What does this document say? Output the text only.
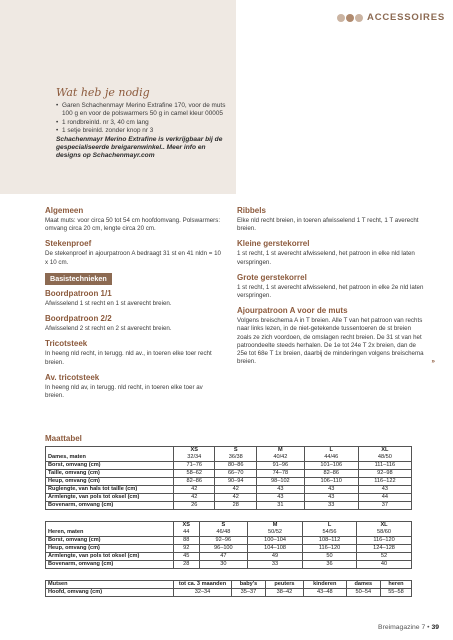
ACCESSOIRES
Wat heb je nodig
• Garen Schachenmayr Merino Extrafine 170, voor de muts 100 g en voor de polswarmers 50 g in camel kleur 00005
• 1 rondbreinld. nr 3, 40 cm lang
• 1 setje breinld. zonder knop nr 3
Schachenmayr Merino Extrafine is verkrijgbaar bij de gespecialiseerde breigarenwinkel.. Meer info en designs op Schachenmayr.com
Algemeen

Maat muts: voor circa 50 tot 54 cm hoofdomvang. Polswarmers: omvang circa 20 cm, lengte circa 20 cm.

Stekenproef

De stekenproef in ajourpatroon A bedraagt 31 st en 41 nldn = 10 x 10 cm.

Basistechnieken
Boordpatroon 1/1

Afwisselend 1 st recht en 1 st averecht breien.

Boordpatroon 2/2

Afwisselend 2 st recht en 2 st averecht breien.

Tricotsteek

In heeng nld recht, in terugg. nld av., in toeren elke toer recht breien.

Av. tricotsteek

In heeng nld av, in terugg. nld recht, in toeren elke toer av breien.

Ribbels

Elke nld recht breien, in toeren afwisselend 1 T recht, 1 T averecht breien.

Kleine gerstekorrel

1 st recht, 1 st averecht afwisselend, het patroon in elke nld laten verspringen.

Grote gerstekorrel

1 st recht, 1 st averecht afwisselend, het patroon in elke 2e nld laten verspringen.

Ajourpatroon A voor de muts

Volgens breischema A in T breien. Alle T van het patroon van rechts naar links lezen, in de niet-getekende tussentoeren de st breien zoals ze zich voordoen, de omslagen recht breien. De 31 st van het patroondeelte steeds herhalen. De 1e tot 24e T 2x breien, dan de 25e tot 68e T 1x breien, daarbij de minderingen volgens breischema breien.	»
Maattabel
	XS	S	M	L	XL
Dames, maten	32/34	36/38	40/42	44/46	48/50
Borst, omvang (cm)	71–76	80–86	91–96	101–106	111–116
Taille, omvang (cm)	58–62	66–70	74–78	82–86	92–98
Heup, omvang (cm)	82–86	90–94	98–102	106–110	116–122
Ruglengte, van hals tot taille (cm)	42	42	43	43	43
Armlengte, van pols tot oksel (cm)	42	42	43	43	44
Bovenarm, omvang (cm)	26	28	31	33	37
	XS	S	M	L	XL
Heren, maten	44	46/48	50/52	54/56	58/60
Borst, omvang (cm)	88	92–96	100–104	108–112	116–120
Heup, omvang (cm)	92	96–100	104–108	116–120	124–128
Armlengte, van pols tot oksel (cm)	45	47	49	50	52
Bovenarm, omvang (cm)	28	30	33	36	40
Mutsen	tot ca. 3 maanden	baby's	peuters	kinderen	dames	heren
Hoofd, omvang (cm)	32–34	35–37	38–42	43–48	50–54	55–58
Breimagazine 7 • 39
